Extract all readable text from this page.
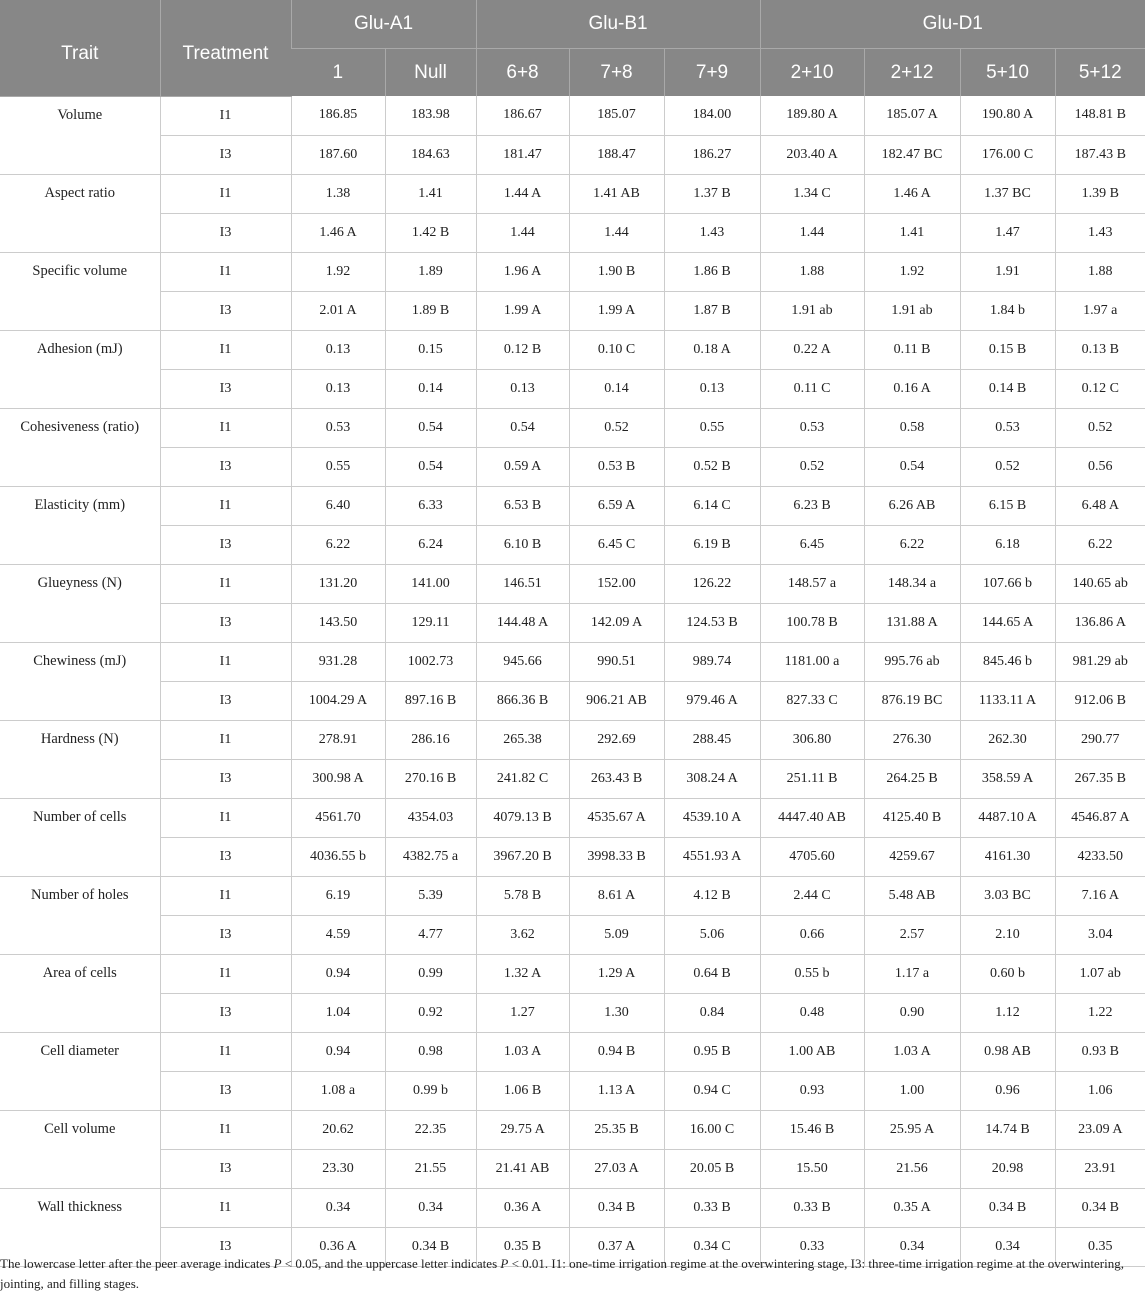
Trait	Treatment	Glu-A1		Glu-B1			Glu-D1			
		1	Null	6+8	7+8	7+9	2+10	2+12	5+10	5+12
Volume	I1	186.85	183.98	186.67	185.07	184.00	189.80 A	185.07 A	190.80 A	148.81 B
	I3	187.60	184.63	181.47	188.47	186.27	203.40 A	182.47 BC	176.00 C	187.43 B
Aspect ratio	I1	1.38	1.41	1.44 A	1.41 AB	1.37 B	1.34 C	1.46 A	1.37 BC	1.39 B
	I3	1.46 A	1.42 B	1.44	1.44	1.43	1.44	1.41	1.47	1.43
Specific volume	I1	1.92	1.89	1.96 A	1.90 B	1.86 B	1.88	1.92	1.91	1.88
	I3	2.01 A	1.89 B	1.99 A	1.99 A	1.87 B	1.91 ab	1.91 ab	1.84 b	1.97 a
Adhesion (mJ)	I1	0.13	0.15	0.12 B	0.10 C	0.18 A	0.22 A	0.11 B	0.15 B	0.13 B
	I3	0.13	0.14	0.13	0.14	0.13	0.11 C	0.16 A	0.14 B	0.12 C
Cohesiveness (ratio)	I1	0.53	0.54	0.54	0.52	0.55	0.53	0.58	0.53	0.52
	I3	0.55	0.54	0.59 A	0.53 B	0.52 B	0.52	0.54	0.52	0.56
Elasticity (mm)	I1	6.40	6.33	6.53 B	6.59 A	6.14 C	6.23 B	6.26 AB	6.15 B	6.48 A
	I3	6.22	6.24	6.10 B	6.45 C	6.19 B	6.45	6.22	6.18	6.22
Glueyness (N)	I1	131.20	141.00	146.51	152.00	126.22	148.57 a	148.34 a	107.66 b	140.65 ab
	I3	143.50	129.11	144.48 A	142.09 A	124.53 B	100.78 B	131.88 A	144.65 A	136.86 A
Chewiness (mJ)	I1	931.28	1002.73	945.66	990.51	989.74	1181.00 a	995.76 ab	845.46 b	981.29 ab
	I3	1004.29 A	897.16 B	866.36 B	906.21 AB	979.46 A	827.33 C	876.19 BC	1133.11 A	912.06 B
Hardness (N)	I1	278.91	286.16	265.38	292.69	288.45	306.80	276.30	262.30	290.77
	I3	300.98 A	270.16 B	241.82 C	263.43 B	308.24 A	251.11 B	264.25 B	358.59 A	267.35 B
Number of cells	I1	4561.70	4354.03	4079.13 B	4535.67 A	4539.10 A	4447.40 AB	4125.40 B	4487.10 A	4546.87 A
	I3	4036.55 b	4382.75 a	3967.20 B	3998.33 B	4551.93 A	4705.60	4259.67	4161.30	4233.50
Number of holes	I1	6.19	5.39	5.78 B	8.61 A	4.12 B	2.44 C	5.48 AB	3.03 BC	7.16 A
	I3	4.59	4.77	3.62	5.09	5.06	0.66	2.57	2.10	3.04
Area of cells	I1	0.94	0.99	1.32 A	1.29 A	0.64 B	0.55 b	1.17 a	0.60 b	1.07 ab
	I3	1.04	0.92	1.27	1.30	0.84	0.48	0.90	1.12	1.22
Cell diameter	I1	0.94	0.98	1.03 A	0.94 B	0.95 B	1.00 AB	1.03 A	0.98 AB	0.93 B
	I3	1.08 a	0.99 b	1.06 B	1.13 A	0.94 C	0.93	1.00	0.96	1.06
Cell volume	I1	20.62	22.35	29.75 A	25.35 B	16.00 C	15.46 B	25.95 A	14.74 B	23.09 A
	I3	23.30	21.55	21.41 AB	27.03 A	20.05 B	15.50	21.56	20.98	23.91
Wall thickness	I1	0.34	0.34	0.36 A	0.34 B	0.33 B	0.33 B	0.35 A	0.34 B	0.34 B
	I3	0.36 A	0.34 B	0.35 B	0.37 A	0.34 C	0.33	0.34	0.34	0.35
The lowercase letter after the peer average indicates P < 0.05, and the uppercase letter indicates P < 0.01. I1: one-time irrigation regime at the overwintering stage, I3: three-time irrigation regime at the overwintering, jointing, and filling stages.
